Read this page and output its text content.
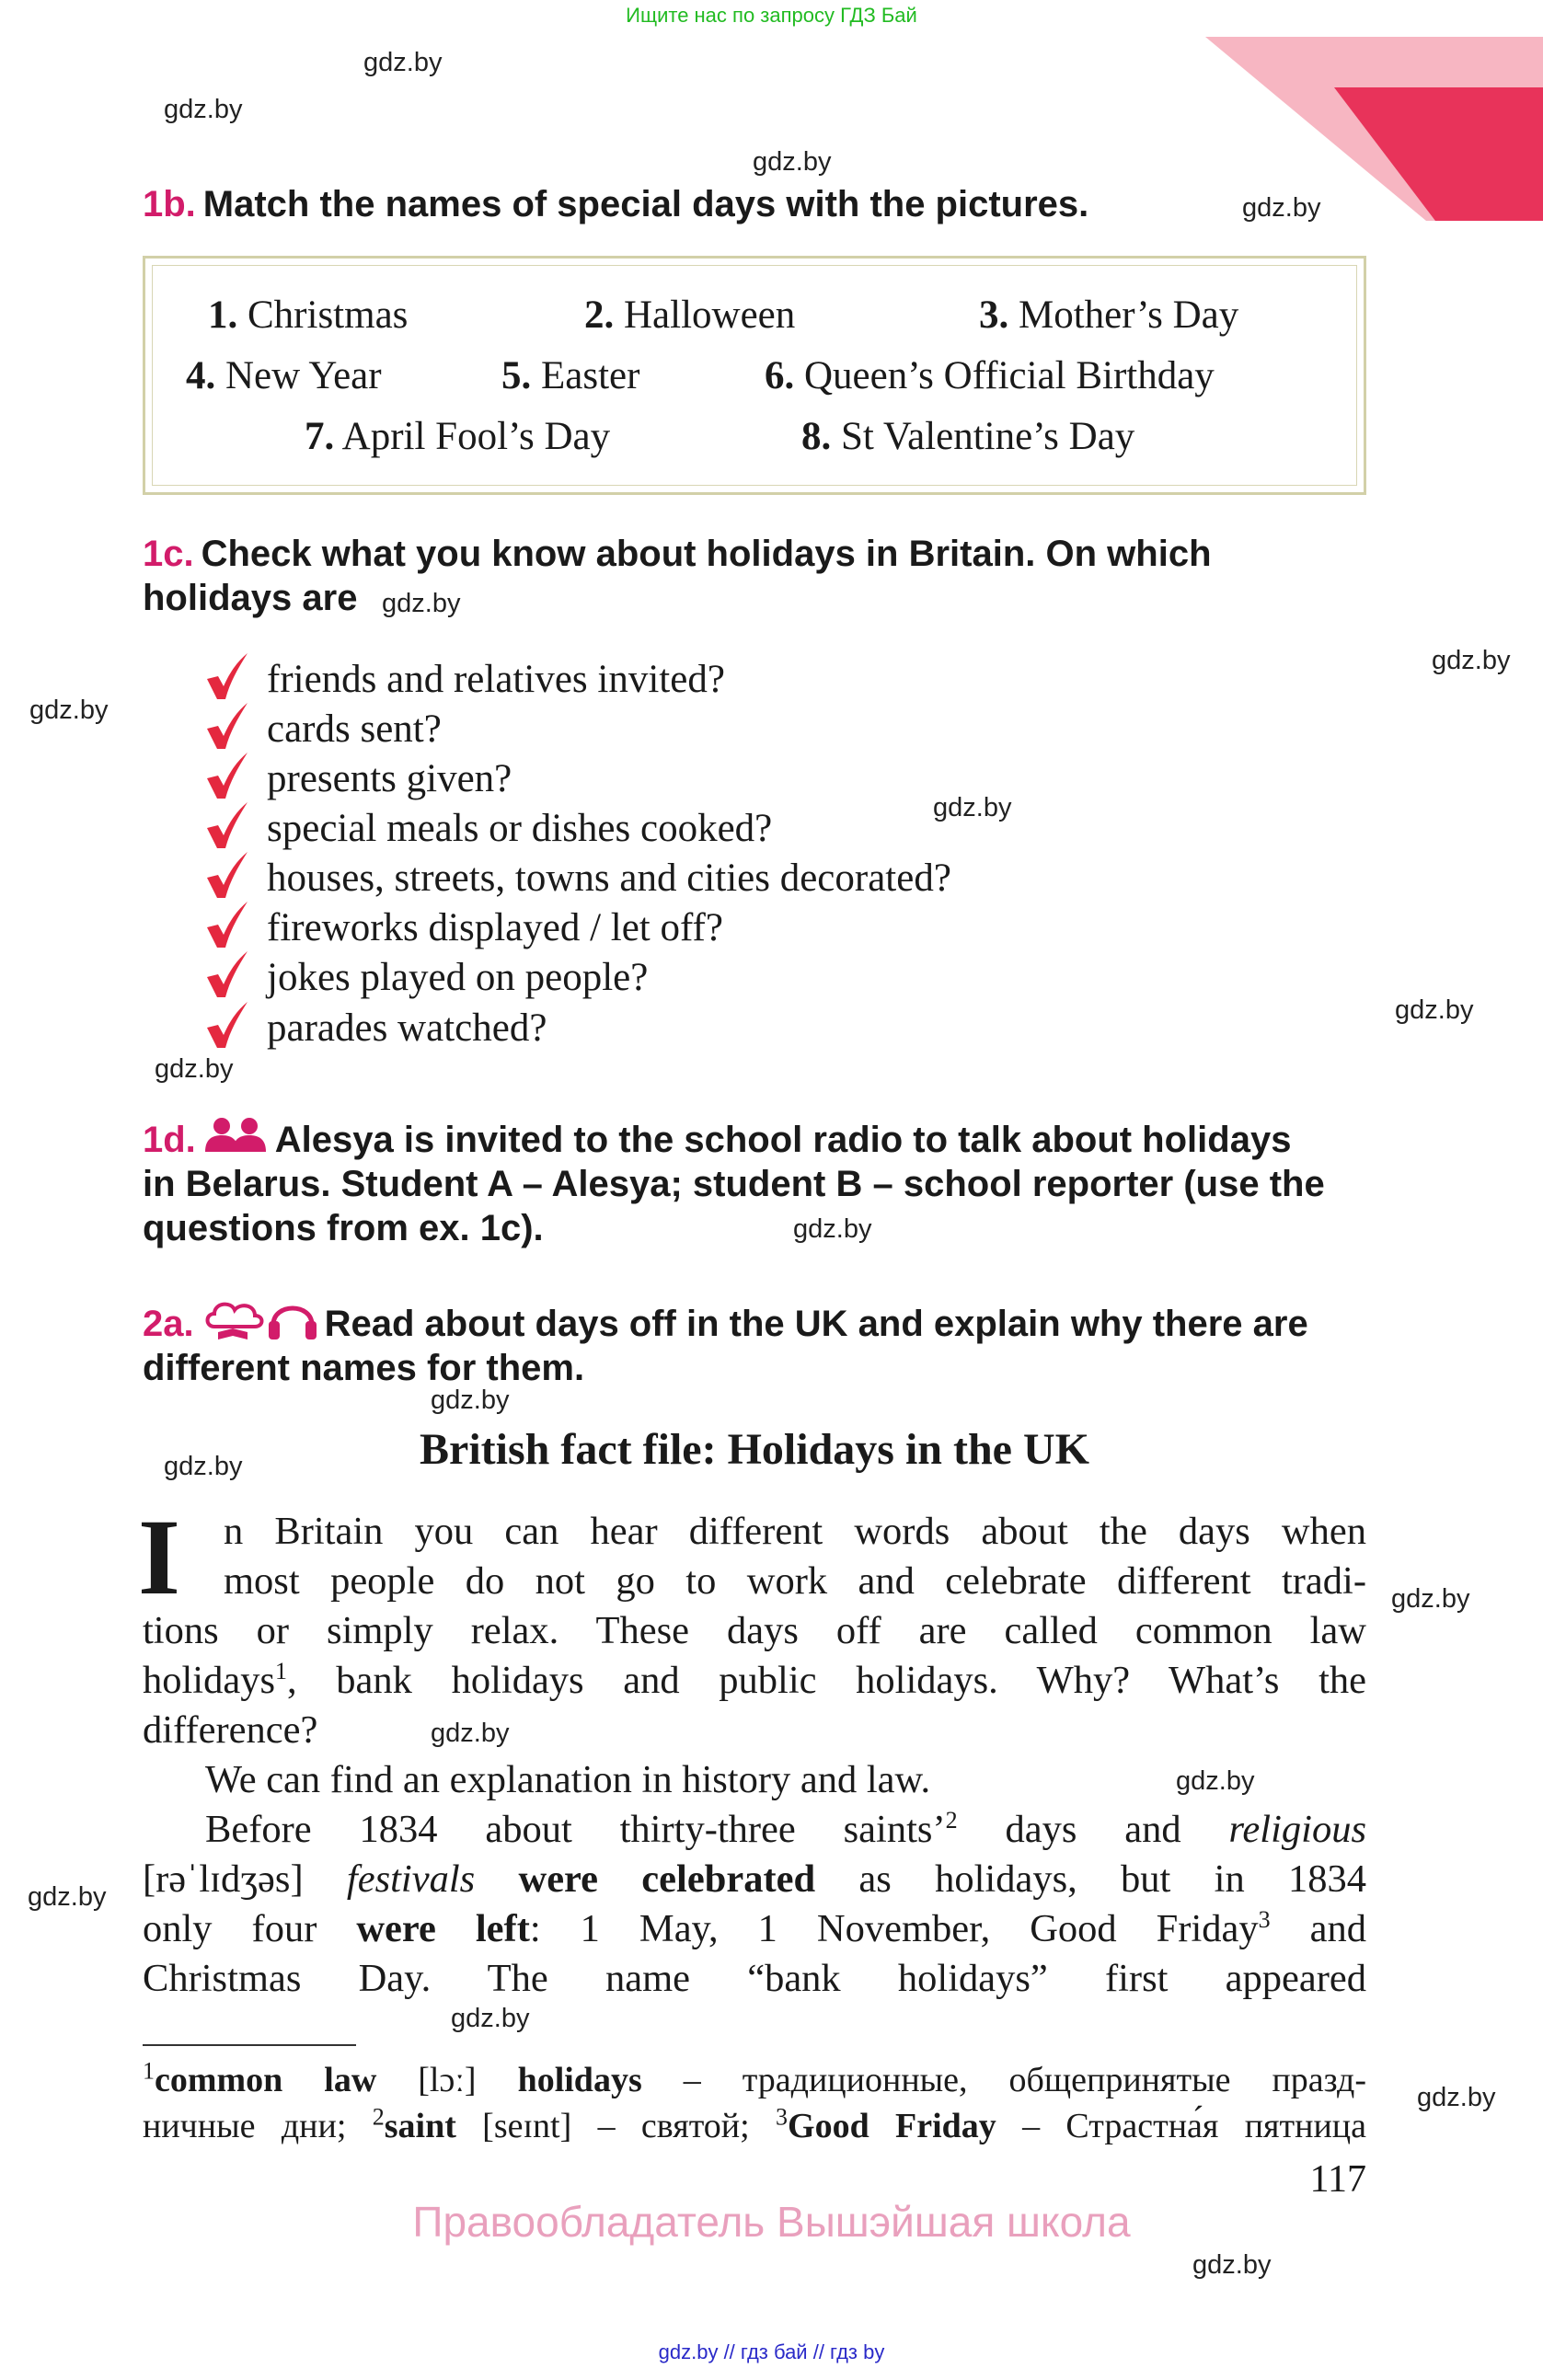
Ищите нас по запросу ГДЗ Бай
gdz.by
gdz.by
gdz.by
gdz.by
gdz.by
gdz.by
gdz.by
gdz.by
gdz.by
gdz.by
gdz.by
gdz.by
gdz.by
gdz.by
gdz.by
gdz.by
gdz.by
gdz.by
gdz.by
gdz.by
1b. Match the names of special days with the pictures.
1. Christmas	2. Halloween	3. Mother’s Day
4. New Year	5. Easter	6. Queen’s Official Birthday
7. April Fool’s Day	8. St Valentine’s Day
1c. Check what you know about holidays in Britain. On which
holidays are
friends and relatives invited?
cards sent?
presents given?
special meals or dishes cooked?
houses, streets, towns and cities decorated?
fireworks displayed / let off?
jokes played on people?
parades watched?
1d. Alesya is invited to the school radio to talk about holidays
in Belarus. Student A – Alesya; student B – school reporter (use the
questions from ex. 1c).
2a.	Read about days off in the UK and explain why there are
different names for them.
British fact file: Holidays in the UK
I n Britain you can hear different words about the days when
most people do not go to work and celebrate different tradi-
tions or simply relax. These days off are called common law
holidays$^1$, bank holidays and public holidays. Why? What’s the
difference?
We can find an explanation in history and law.
Before 1834 about thirty-three saints’$^2$ days and religious
[rəˈlɪdʒəs] festivals were celebrated as holidays, but in 1834
only four were left: 1 May, 1 November, Good Friday$^3$ and
Christmas Day. The name “bank holidays” first appeared
$^1$common law [lɔː] holidays – традиционные, общепринятые празд-
ничные дни; $^2$saint [seɪnt] – святой; $^3$Good Friday – Страстна́я пятница
117
Правообладатель Вышэйшая школа
gdz.by // гдз бай // гдз by
